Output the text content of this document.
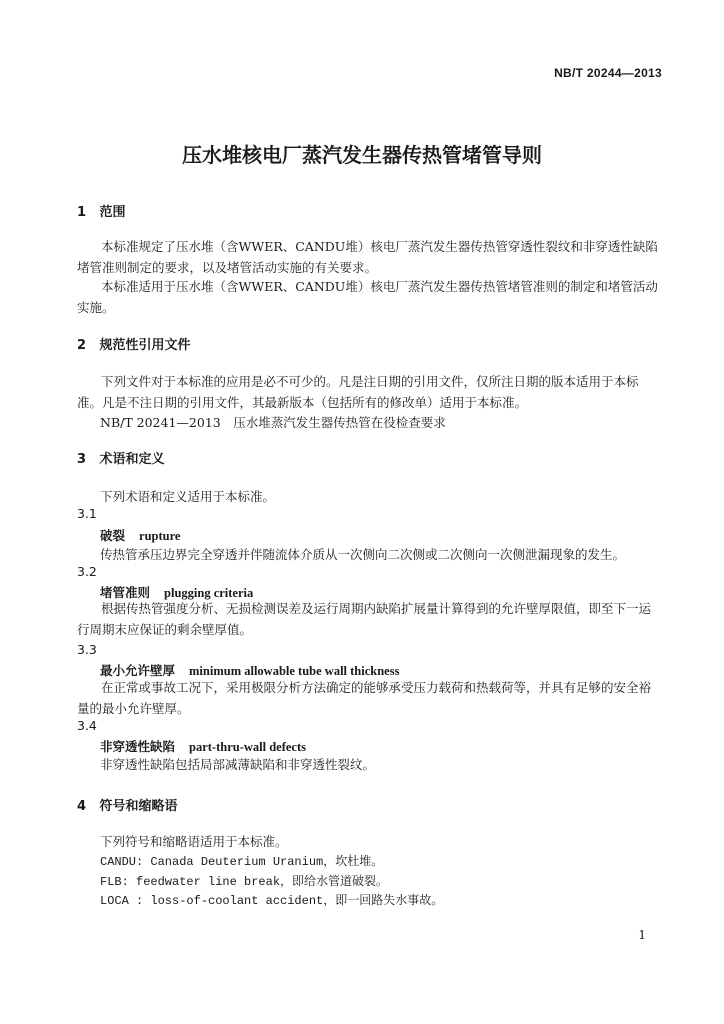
NB/T 20244—2013
压水堆核电厂蒸汽发生器传热管堵管导则
1 范围
本标准规定了压水堆（含WWER、CANDU堆）核电厂蒸汽发生器传热管穿透性裂纹和非穿透性缺陷堵管准则制定的要求，以及堵管活动实施的有关要求。
本标准适用于压水堆（含WWER、CANDU堆）核电厂蒸汽发生器传热管堵管准则的制定和堵管活动实施。
2 规范性引用文件
下列文件对于本标准的应用是必不可少的。凡是注日期的引用文件，仅所注日期的版本适用于本标准。凡是不注日期的引用文件，其最新版本（包括所有的修改单）适用于本标准。
NB/T 20241—2013　压水堆蒸汽发生器传热管在役检查要求
3 术语和定义
下列术语和定义适用于本标准。
3.1
破裂 rupture
传热管承压边界完全穿透并伴随流体介质从一次侧向二次侧或二次侧向一次侧泄漏现象的发生。
3.2
堵管准则 plugging criteria
根据传热管强度分析、无损检测误差及运行周期内缺陷扩展量计算得到的允许壁厚限值，即至下一运行周期末应保证的剩余壁厚值。
3.3
最小允许壁厚 minimum allowable tube wall thickness
在正常或事故工况下，采用极限分析方法确定的能够承受压力载荷和热载荷等，并具有足够的安全裕量的最小允许壁厚。
3.4
非穿透性缺陷 part-thru-wall defects
非穿透性缺陷包括局部减薄缺陷和非穿透性裂纹。
4 符号和缩略语
下列符号和缩略语适用于本标准。
CANDU: Canada Deuterium Uranium，坎杜堆。
FLB: feedwater line break，即给水管道破裂。
LOCA : loss-of-coolant accident，即一回路失水事故。
1
